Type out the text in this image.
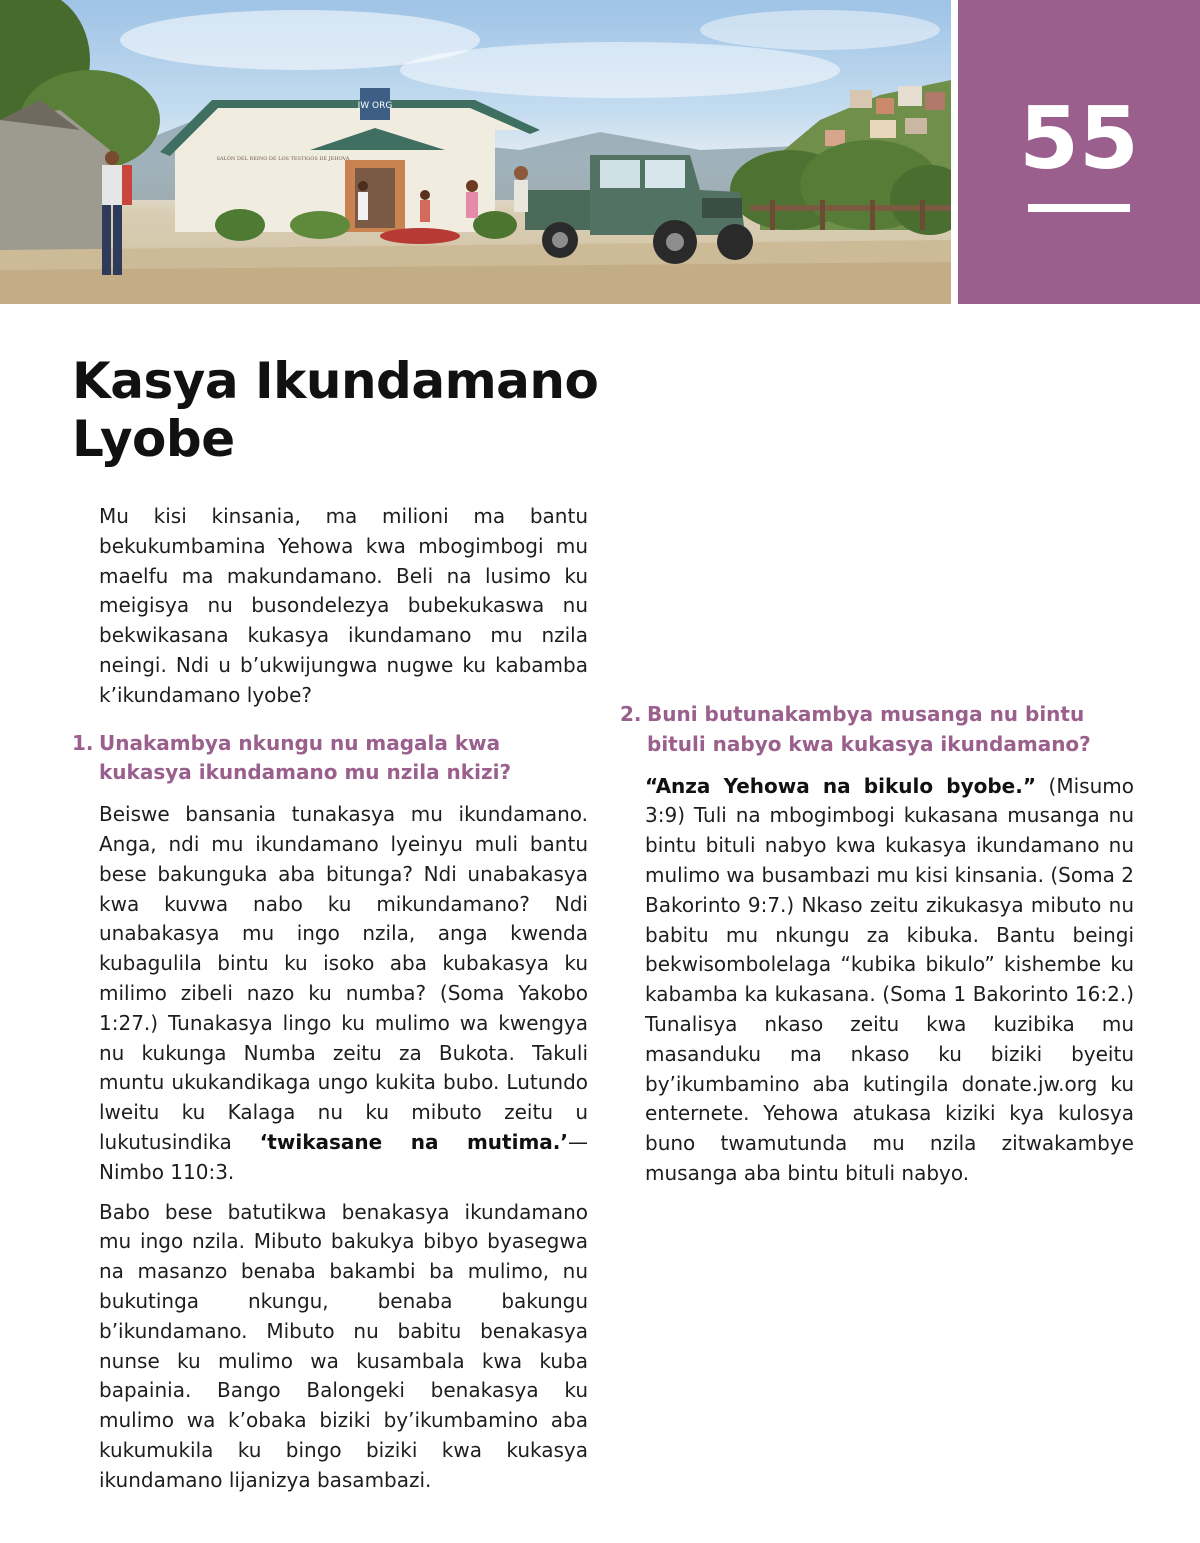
JW ORG
SALÓN DEL REINO DE LOS TESTIGOS DE JEHOVÁ	55
Kasya Ikundamano Lyobe

Mu kisi kinsania, ma milioni ma bantu bekukumbamina Yehowa kwa mbogimbogi mu maelfu ma makundamano. Beli na lusimo ku meigisya nu busondelezya bubekukaswa nu bekwikasana kukasya ikundamano mu nzila neingi. Ndi u b’ukwijungwa nugwe ku kabamba k’ikundamano lyobe?

1. Unakambya nkungu nu magala kwa kukasya ikundamano mu nzila nkizi?

Beiswe bansania tunakasya mu ikundamano. Anga, ndi mu ikundamano lyeinyu muli bantu bese bakunguka aba bitunga? Ndi unabakasya kwa kuvwa nabo ku mikundamano? Ndi unabakasya mu ingo nzila, anga kwenda kubagulila bintu ku isoko aba kubakasya ku milimo zibeli nazo ku numba? (Soma Yakobo 1:27.) Tunakasya lingo ku mulimo wa kwengya nu kukunga Numba zeitu za Bukota. Takuli muntu ukukandikaga ungo kukita bubo. Lutundo lweitu ku Kalaga nu ku mibuto zeitu u lukutusindika ‘twikasane na mutima.’—Nimbo 110:3.

Babo bese batutikwa benakasya ikundamano mu ingo nzila. Mibuto bakukya bibyo byasegwa na masanzo benaba bakambi ba mulimo, nu bukutinga nkungu, benaba bakungu b’ikundamano. Mibuto nu babitu benakasya nunse ku mulimo wa kusambala kwa kuba bapainia. Bango Balongeki benakasya ku mulimo wa k’obaka biziki by’ikumbamino aba kukumukila ku bingo biziki kwa kukasya ikundamano lijanizya basambazi.

2. Buni butunakambya musanga nu bintu bituli nabyo kwa kukasya ikundamano?

“Anza Yehowa na bikulo byobe.” (Misumo 3:9) Tuli na mbogimbogi kukasana musanga nu bintu bituli nabyo kwa kukasya ikundamano nu mulimo wa busambazi mu kisi kinsania. (Soma 2 Bakorinto 9:7.) Nkaso zeitu zikukasya mibuto nu babitu mu nkungu za kibuka. Bantu beingi bekwisombolelaga “kubika bikulo” kishembe ku kabamba ka kukasana. (Soma 1 Bakorinto 16:2.) Tunalisya nkaso zeitu kwa kuzibika mu masanduku ma nkaso ku biziki byeitu by’ikumbamino aba kutingila donate.jw.org ku enternete. Yehowa atukasa kiziki kya kulosya buno twamutunda mu nzila zitwakambye musanga aba bintu bituli nabyo.
